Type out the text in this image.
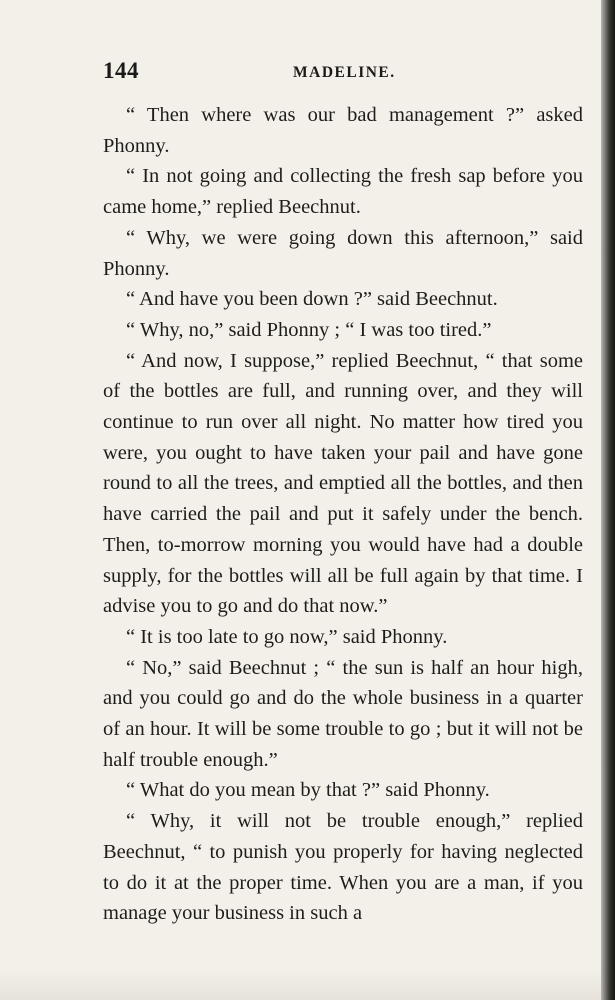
144	MADELINE.

“ Then where was our bad management ?” asked Phonny.

“ In not going and collecting the fresh sap before you came home,” replied Beechnut.

“ Why, we were going down this afternoon,” said Phonny.

“ And have you been down ?” said Beechnut.

“ Why, no,” said Phonny ; “ I was too tired.”

“ And now, I suppose,” replied Beechnut, “ that some of the bottles are full, and running over, and they will continue to run over all night. No matter how tired you were, you ought to have taken your pail and have gone round to all the trees, and emptied all the bottles, and then have carried the pail and put it safely under the bench. Then, to-morrow morning you would have had a double supply, for the bottles will all be full again by that time. I advise you to go and do that now.”

“ It is too late to go now,” said Phonny.

“ No,” said Beechnut ; “ the sun is half an hour high, and you could go and do the whole business in a quarter of an hour. It will be some trouble to go ; but it will not be half trouble enough.”

“ What do you mean by that ?” said Phonny.

“ Why, it will not be trouble enough,” replied Beechnut, “ to punish you properly for having neglected to do it at the proper time. When you are a man, if you manage your business in such a
